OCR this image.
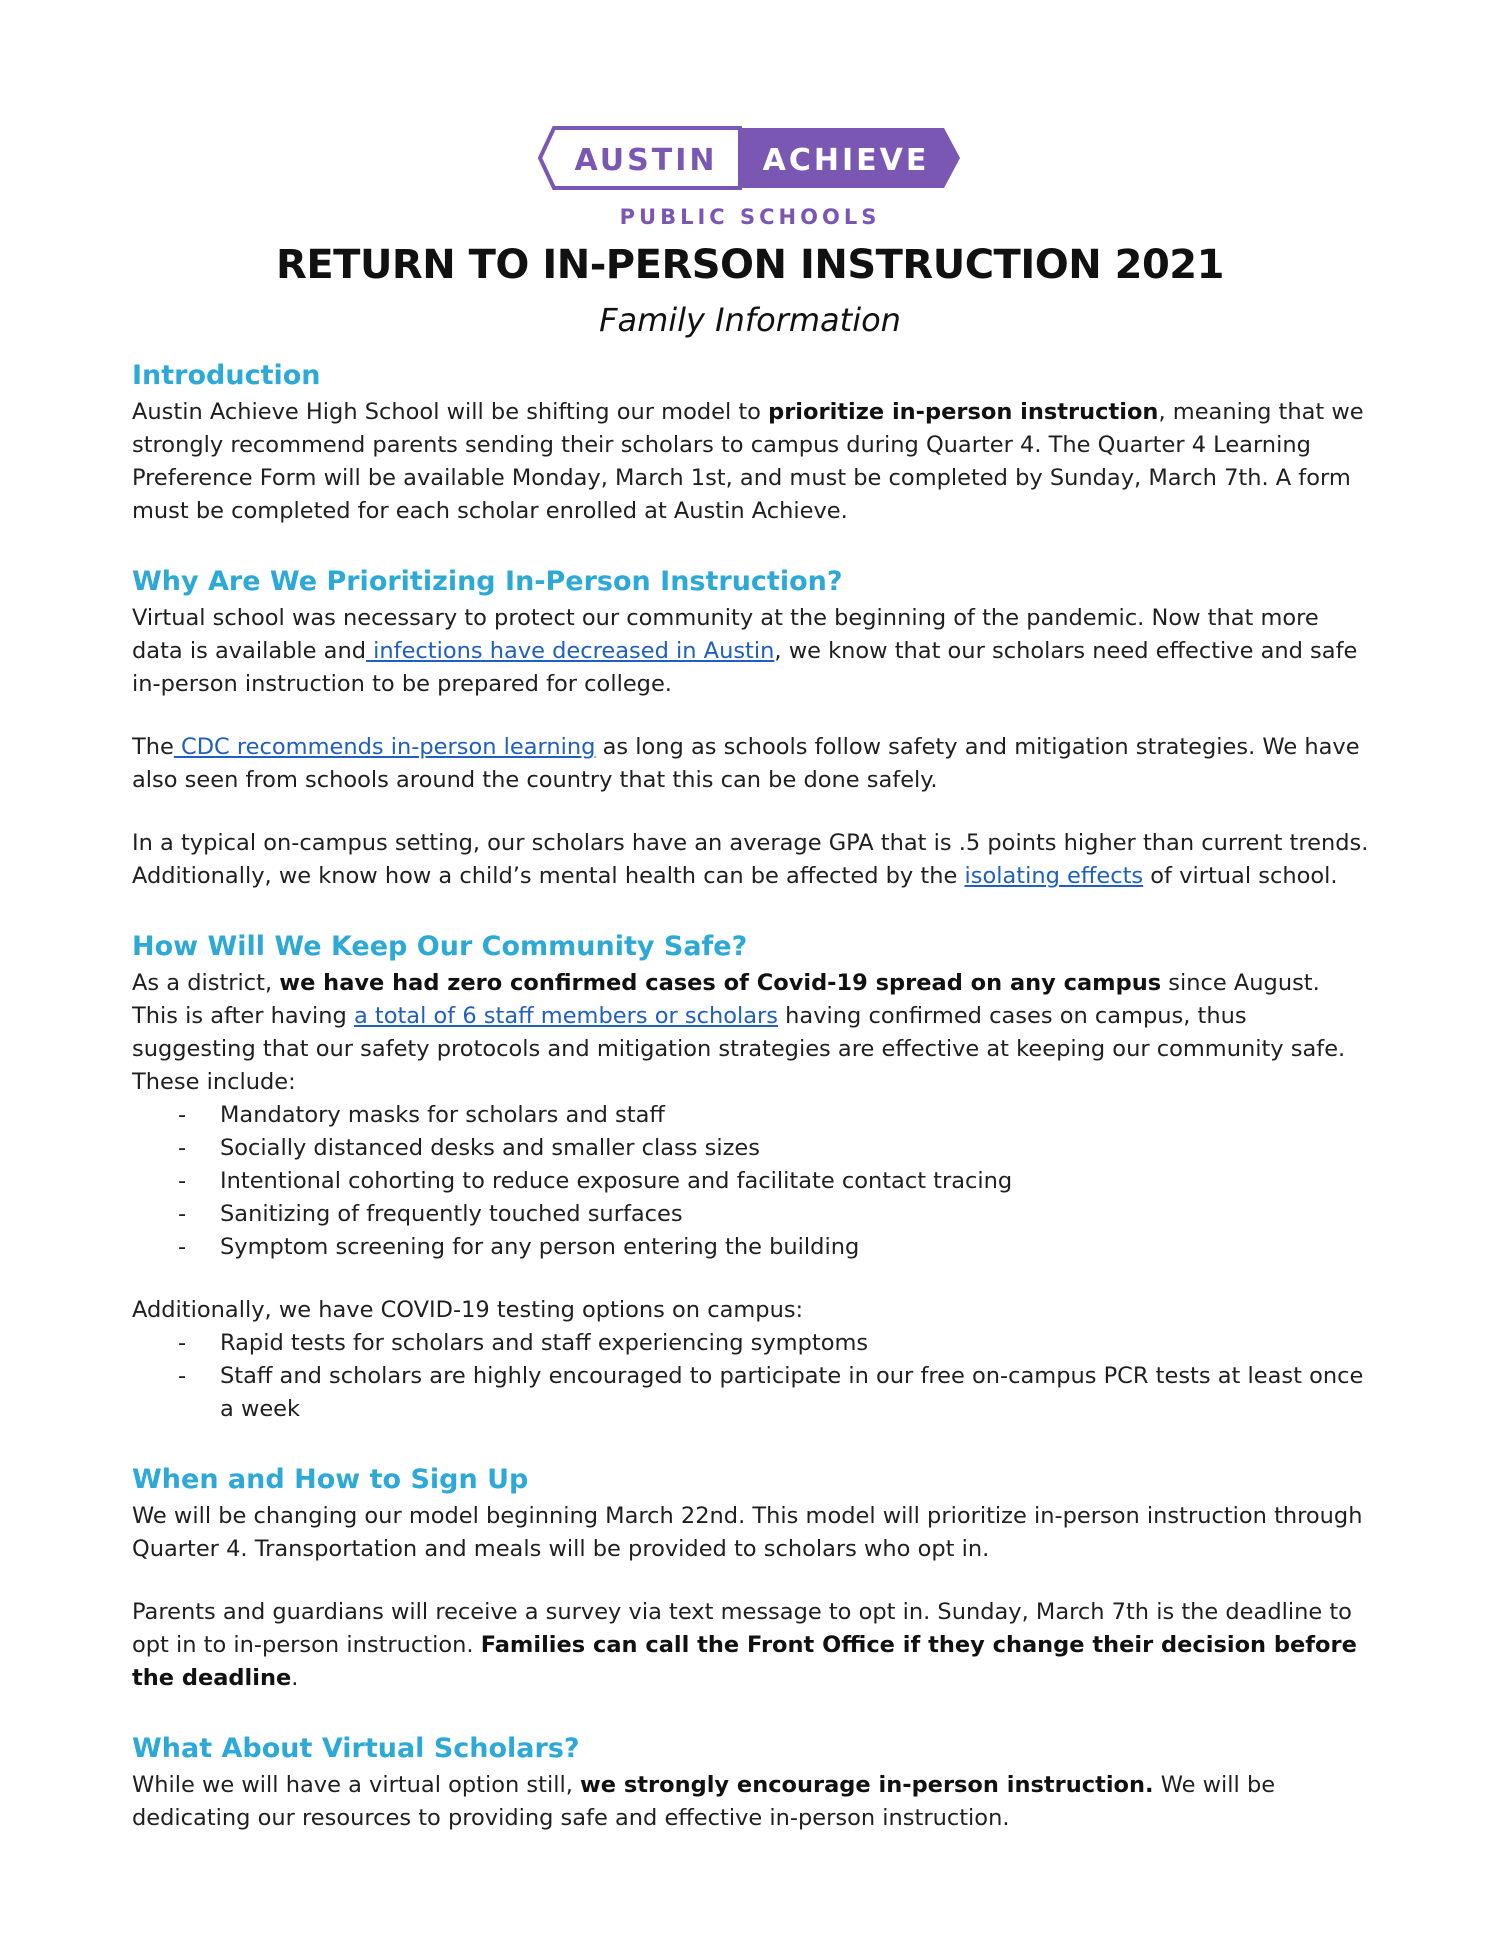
AUSTIN ACHIEVE
PUBLIC SCHOOLS
RETURN TO IN-PERSON INSTRUCTION 2021
Family Information
Introduction

Austin Achieve High School will be shifting our model to prioritize in-person instruction, meaning that we strongly recommend parents sending their scholars to campus during Quarter 4. The Quarter 4 Learning Preference Form will be available Monday, March 1st, and must be completed by Sunday, March 7th. A form must be completed for each scholar enrolled at Austin Achieve.

Why Are We Prioritizing In-Person Instruction?

Virtual school was necessary to protect our community at the beginning of the pandemic. Now that more data is available and infections have decreased in Austin, we know that our scholars need effective and safe in-person instruction to be prepared for college.

The CDC recommends in-person learning as long as schools follow safety and mitigation strategies. We have also seen from schools around the country that this can be done safely.

In a typical on-campus setting, our scholars have an average GPA that is .5 points higher than current trends. Additionally, we know how a child’s mental health can be affected by the isolating effects of virtual school.

How Will We Keep Our Community Safe?

As a district, we have had zero confirmed cases of Covid-19 spread on any campus since August. This is after having a total of 6 staff members or scholars having confirmed cases on campus, thus suggesting that our safety protocols and mitigation strategies are effective at keeping our community safe. These include:

- Mandatory masks for scholars and staff
- Socially distanced desks and smaller class sizes
- Intentional cohorting to reduce exposure and facilitate contact tracing
- Sanitizing of frequently touched surfaces
- Symptom screening for any person entering the building

Additionally, we have COVID-19 testing options on campus:

- Rapid tests for scholars and staff experiencing symptoms
- Staff and scholars are highly encouraged to participate in our free on-campus PCR tests at least once a week
When and How to Sign Up

We will be changing our model beginning March 22nd. This model will prioritize in-person instruction through Quarter 4. Transportation and meals will be provided to scholars who opt in.

Parents and guardians will receive a survey via text message to opt in. Sunday, March 7th is the deadline to opt in to in-person instruction. Families can call the Front Office if they change their decision before the deadline.

What About Virtual Scholars?

While we will have a virtual option still, we strongly encourage in-person instruction. We will be dedicating our resources to providing safe and effective in-person instruction.
